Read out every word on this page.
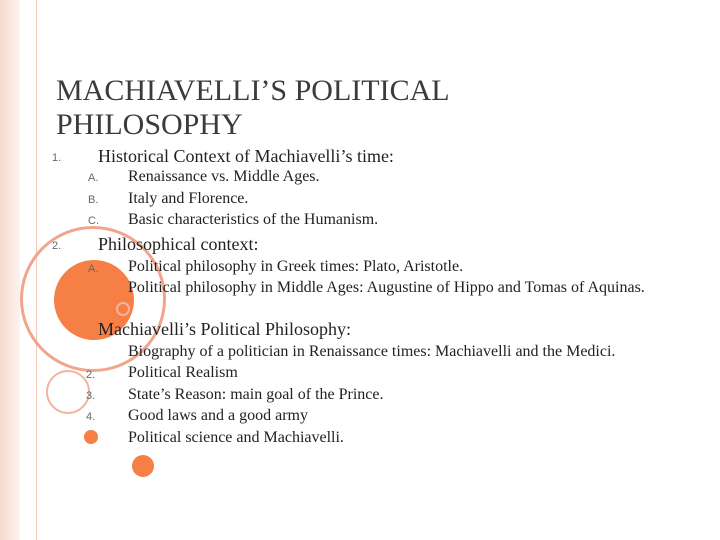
MACHIAVELLI’S POLITICAL PHILOSOPHY
1. Historical Context of Machiavelli’s time:
A. Renaissance vs. Middle Ages.
B. Italy and Florence.
C. Basic characteristics of the Humanism.
2. Philosophical context:
A. Political philosophy in Greek times: Plato, Aristotle.
Political philosophy in Middle Ages: Augustine of Hippo and Tomas of Aquinas.
Machiavelli’s Political Philosophy:
Biography of a politician in Renaissance times: Machiavelli and the Medici.
2. Political Realism
3. State’s Reason: main goal of the Prince.
4. Good laws and a good army
Political science and Machiavelli.
